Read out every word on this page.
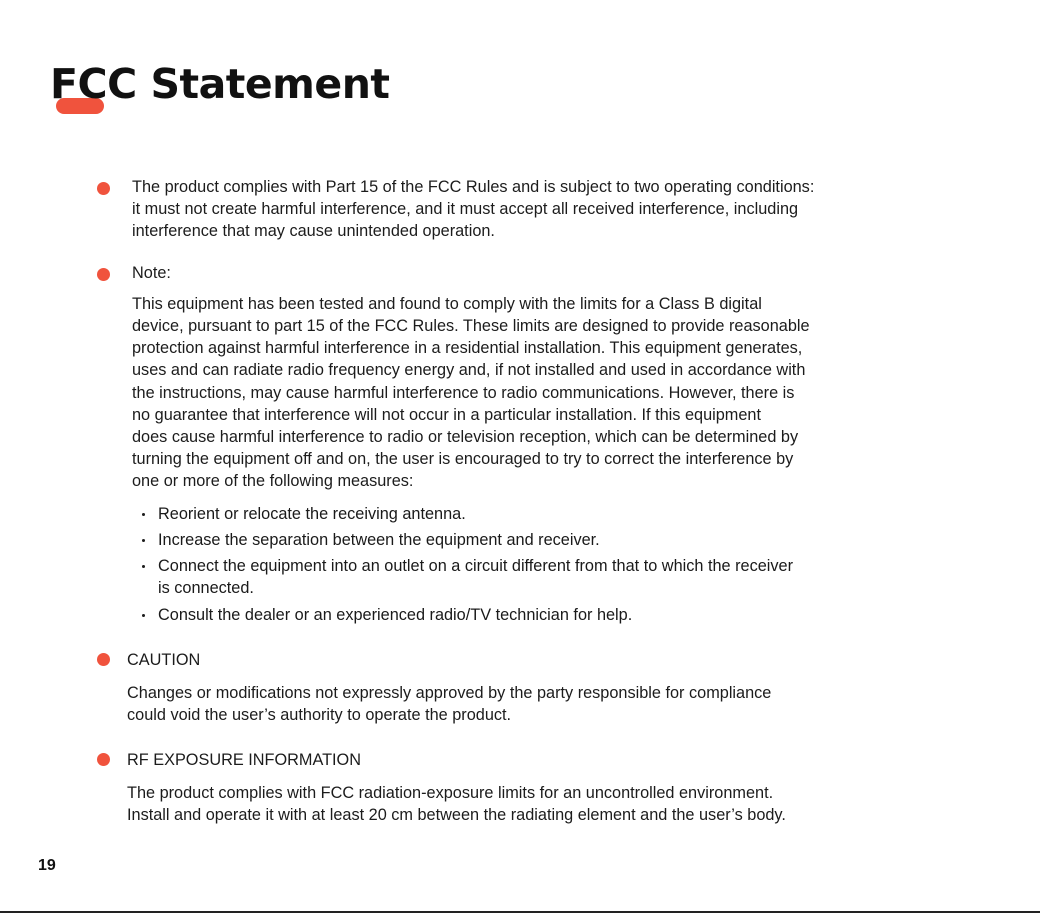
FCC Statement
The product complies with Part 15 of the FCC Rules and is subject to two operating conditions:
it must not create harmful interference, and it must accept all received interference, including
interference that may cause unintended operation.
Note:
This equipment has been tested and found to comply with the limits for a Class B digital
device, pursuant to part 15 of the FCC Rules. These limits are designed to provide reasonable
protection against harmful interference in a residential installation. This equipment generates,
uses and can radiate radio frequency energy and, if not installed and used in accordance with
the instructions, may cause harmful interference to radio communications. However, there is
no guarantee that interference will not occur in a particular installation. If this equipment
does cause harmful interference to radio or television reception, which can be determined by
turning the equipment off and on, the user is encouraged to try to correct the interference by
one or more of the following measures:
Reorient or relocate the receiving antenna.
Increase the separation between the equipment and receiver.
Connect the equipment into an outlet on a circuit different from that to which the receiver
is connected.
Consult the dealer or an experienced radio/TV technician for help.
CAUTION
Changes or modifications not expressly approved by the party responsible for compliance
could void the user’s authority to operate the product.
RF EXPOSURE INFORMATION
The product complies with FCC radiation-exposure limits for an uncontrolled environment.
Install and operate it with at least 20 cm between the radiating element and the user’s body.
19
